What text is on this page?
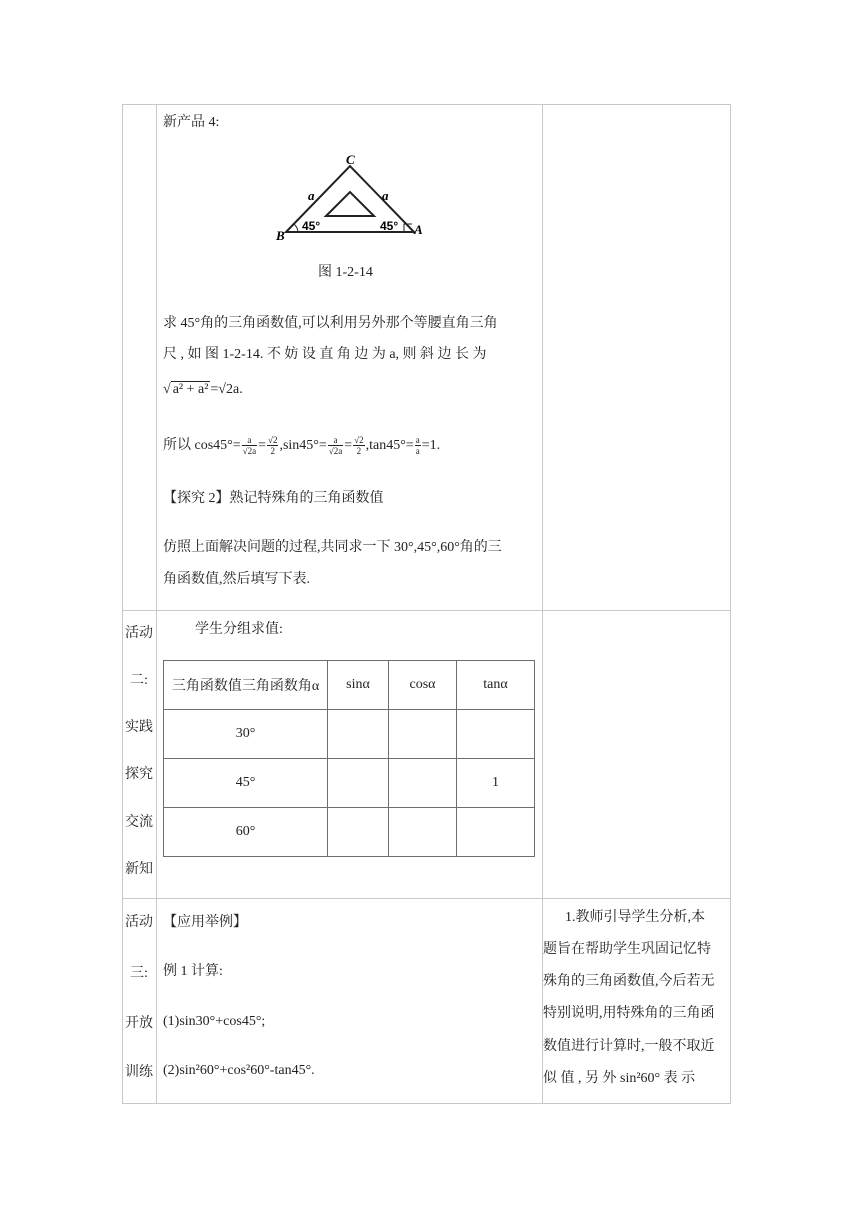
新产品 4:
C
B	A
a	a
45°	45°
图 1-2-14
求 45°角的三角函数值,可以利用另外那个等腰直角三角
尺 , 如 图 1-2-14. 不 妨 设 直 角 边 为 a, 则 斜 边 长 为
√ a² + a² =√2a.
所以 $\cos 45^\circ= \frac{a}{√2a} = \frac{√2}{2} ,\sin 45^\circ= \frac{a}{√2a} = \frac{√2}{2} ,\tan 45^\circ= \frac{a}{a} =1$.
【探究 2】熟记特殊角的三角函数值
仿照上面解决问题的过程,共同求一下 30°,45°,60°角的三
角函数值,然后填写下表.
活动
二:
实践
探究
交流
新知
学生分组求值:
三角函数值三角函数角α	sinα	cosα	tanα
30°			
45°			1
60°			
活动
三:
开放
训练
【应用举例】
例 1 计算:
(1)sin30°+cos45°;
(2)sin²60°+cos²60°-tan45°.
1.教师引导学生分析,本
题旨在帮助学生巩固记忆特
殊角的三角函数值,今后若无
特别说明,用特殊角的三角函
数值进行计算时,一般不取近
似 值 , 另 外 sin²60° 表 示
